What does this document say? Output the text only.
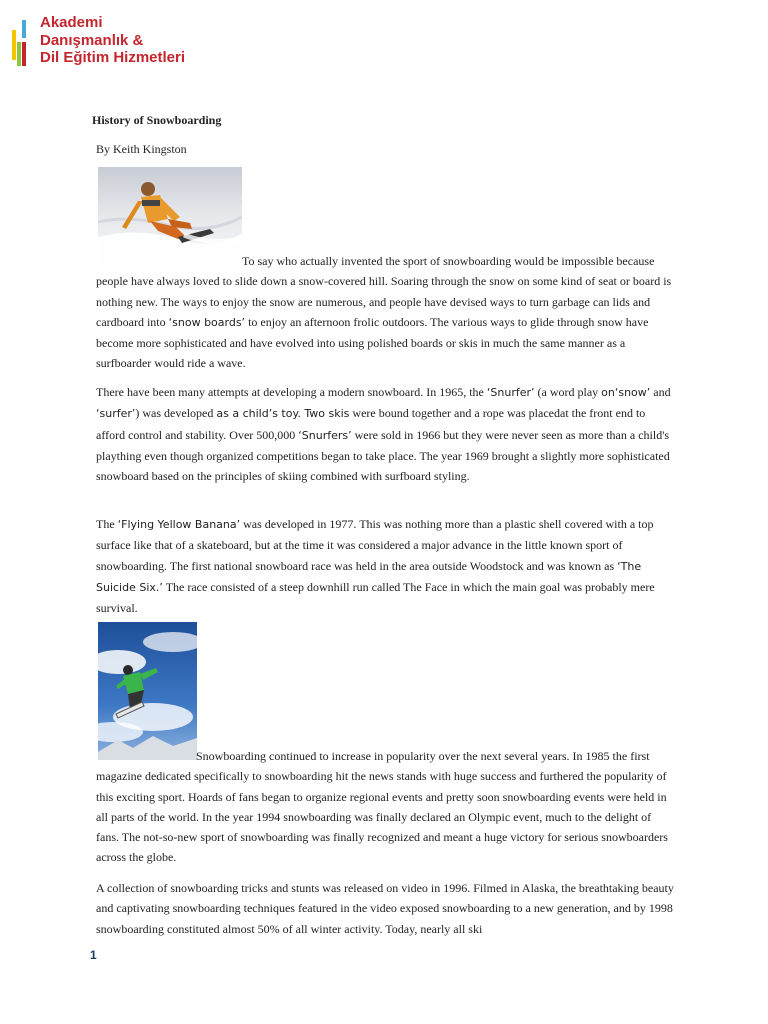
Akademi
Danışmanlık &
Dil Eğitim Hizmetleri
History of Snowboarding

By Keith Kingston

To say who actually invented the sport of snowboarding would be impossible because people have always loved to slide down a snow-covered hill. Soaring through the snow on some kind of seat or board is nothing new. The ways to enjoy the snow are numerous, and people have devised ways to turn garbage can lids and cardboard into ‘snow boards’ to enjoy an afternoon frolic outdoors. The various ways to glide through snow have become more sophisticated and have evolved into using polished boards or skis in much the same manner as a surfboarder would ride a wave.

There have been many attempts at developing a modern snowboard. In 1965, the ‘Snurfer’ (a word play on‘snow’ and ‘surfer’) was developed as a child’s toy. Two skis were bound together and a rope was placedat the front end to afford control and stability. Over 500,000 ‘Snurfers’ were sold in 1966 but they were never seen as more than a child's plaything even though organized competitions began to take place. The year 1969 brought a slightly more sophisticated snowboard based on the principles of skiing combined with surfboard styling.

The ‘Flying Yellow Banana’ was developed in 1977. This was nothing more than a plastic shell covered with a top surface like that of a skateboard, but at the time it was considered a major advance in the little known sport of snowboarding. The first national snowboard race was held in the area outside Woodstock and was known as ‘The Suicide Six.’ The race consisted of a steep downhill run called The Face in which the main goal was probably mere survival.

Snowboarding continued to increase in popularity over the next several years. In 1985 the first magazine dedicated specifically to snowboarding hit the news stands with huge success and furthered the popularity of this exciting sport. Hoards of fans began to organize regional events and pretty soon snowboarding events were held in all parts of the world. In the year 1994 snowboarding was finally declared an Olympic event, much to the delight of fans. The not-so-new sport of snowboarding was finally recognized and meant a huge victory for serious snowboarders across the globe.

A collection of snowboarding tricks and stunts was released on video in 1996. Filmed in Alaska, the breathtaking beauty and captivating snowboarding techniques featured in the video exposed snowboarding to a new generation, and by 1998 snowboarding constituted almost 50% of all winter activity. Today, nearly all ski

1
